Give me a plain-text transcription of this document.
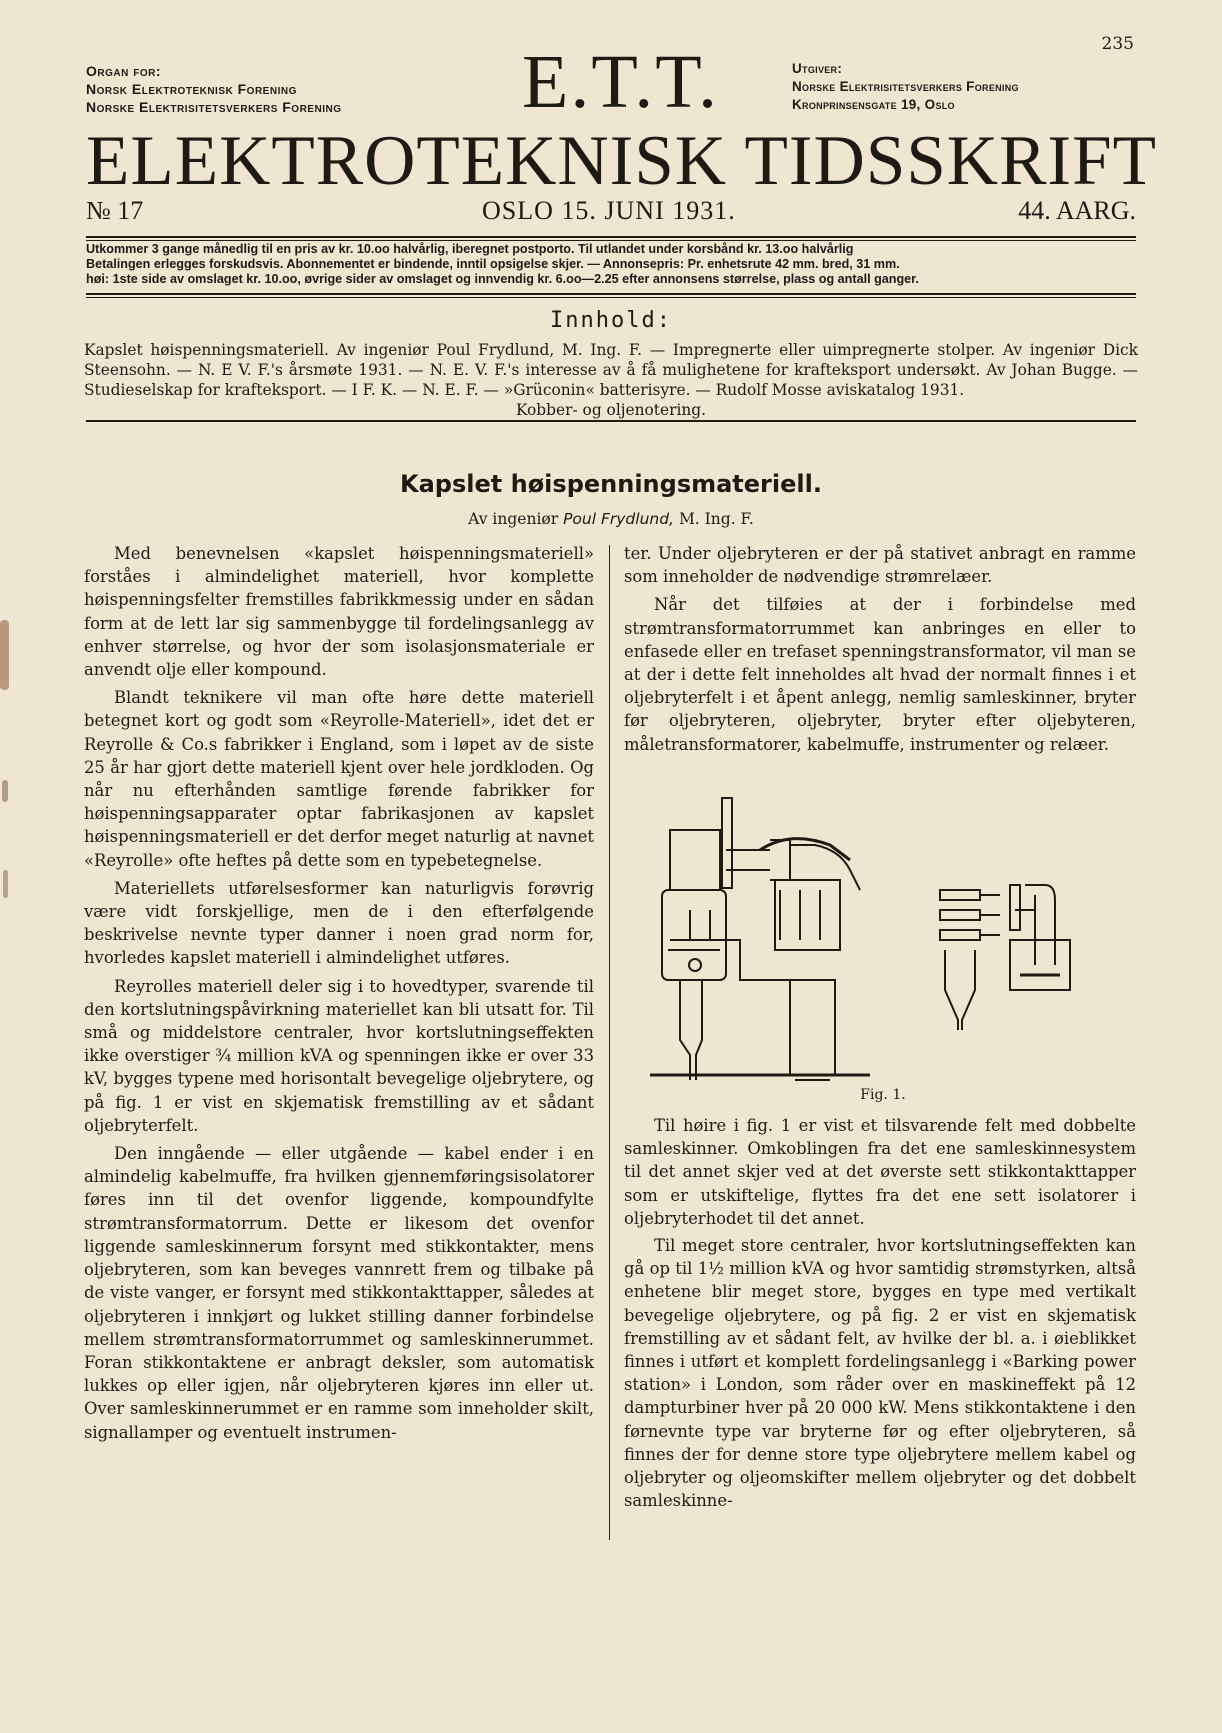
235
Organ for:
Norsk Elektroteknisk Forening
Norske Elektrisitetsverkers Forening E.T.T.	Utgiver:
Norske Elektrisitetsverkers Forening
Kronprinsensgate 19, Oslo
ELEKTROTEKNISK TIDSSKRIFT
№ 17	OSLO 15. JUNI 1931.	44. AARG.
Utkommer 3 gange månedlig til en pris av kr. 10.oo halvårlig, iberegnet postporto. Til utlandet under korsbånd kr. 13.oo halvårlig
Betalingen erlegges forskudsvis. Abonnementet er bindende, inntil opsigelse skjer. — Annonsepris: Pr. enhetsrute 42 mm. bred, 31 mm.
høi: 1ste side av omslaget kr. 10.oo, øvrige sider av omslaget og innvendig kr. 6.oo—2.25 efter annonsens størrelse, plass og antall ganger.
Innhold:
Kapslet høispenningsmateriell. Av ingeniør Poul Frydlund, M. Ing. F. — Impregnerte eller uimpregnerte stolper. Av ingeniør Dick Steensohn. — N. E V. F.'s årsmøte 1931. — N. E. V. F.'s interesse av å få mulighetene for krafteksport undersøkt. Av Johan Bugge. — Studieselskap for krafteksport. — I F. K. — N. E. F. — »Grüconin« batterisyre. — Rudolf Mosse aviskatalog 1931.
Kobber- og oljenotering.
Kapslet høispenningsmateriell.
Av ingeniør Poul Frydlund, M. Ing. F.

Med benevnelsen «kapslet høispenningsmateriell» forståes i almindelighet materiell, hvor komplette høispenningsfelter fremstilles fabrikkmessig under en sådan form at de lett lar sig sammenbygge til fordelingsanlegg av enhver størrelse, og hvor der som isolasjonsmateriale er anvendt olje eller kompound.

Blandt teknikere vil man ofte høre dette materiell betegnet kort og godt som «Reyrolle-Materiell», idet det er Reyrolle & Co.s fabrikker i England, som i løpet av de siste 25 år har gjort dette materiell kjent over hele jordkloden. Og når nu efterhånden samtlige førende fabrikker for høispenningsapparater optar fabrikasjonen av kapslet høispenningsmateriell er det derfor meget naturlig at navnet «Reyrolle» ofte heftes på dette som en typebetegnelse.

Materiellets utførelsesformer kan naturligvis forøvrig være vidt forskjellige, men de i den efterfølgende beskrivelse nevnte typer danner i noen grad norm for, hvorledes kapslet materiell i almindelighet utføres.

Reyrolles materiell deler sig i to hovedtyper, svarende til den kortslutningspåvirkning materiellet kan bli utsatt for. Til små og middelstore centraler, hvor kortslutningseffekten ikke overstiger ¾ million kVA og spenningen ikke er over 33 kV, bygges typene med horisontalt bevegelige oljebrytere, og på fig. 1 er vist en skjematisk fremstilling av et sådant oljebryterfelt.

Den inngående — eller utgående — kabel ender i en almindelig kabelmuffe, fra hvilken gjennemføringsisolatorer føres inn til det ovenfor liggende, kompoundfylte strømtransformatorrum. Dette er likesom det ovenfor liggende samleskinnerum forsynt med stikkontakter, mens oljebryteren, som kan beveges vannrett frem og tilbake på de viste vanger, er forsynt med stikkontakttapper, således at oljebryteren i innkjørt og lukket stilling danner forbindelse mellem strømtransformatorrummet og samleskinnerummet. Foran stikkontaktene er anbragt deksler, som automatisk lukkes op eller igjen, når oljebryteren kjøres inn eller ut. Over samleskinnerummet er en ramme som inneholder skilt, signallamper og eventuelt instrumen-

ter. Under oljebryteren er der på stativet anbragt en ramme som inneholder de nødvendige strømrelæer.

Når det tilføies at der i forbindelse med strømtransformatorrummet kan anbringes en eller to enfasede eller en trefaset spenningstransformator, vil man se at der i dette felt inneholdes alt hvad der normalt finnes i et oljebryterfelt i et åpent anlegg, nemlig samleskinner, bryter før oljebryteren, oljebryter, bryter efter oljebyteren, måletransformatorer, kabelmuffe, instrumenter og relæer.

Fig. 1.

Til høire i fig. 1 er vist et tilsvarende felt med dobbelte samleskinner. Omkoblingen fra det ene samleskinnesystem til det annet skjer ved at det øverste sett stikkontakttapper som er utskiftelige, flyttes fra det ene sett isolatorer i oljebryterhodet til det annet.

Til meget store centraler, hvor kortslutningseffekten kan gå op til 1½ million kVA og hvor samtidig strømstyrken, altså enhetene blir meget store, bygges en type med vertikalt bevegelige oljebrytere, og på fig. 2 er vist en skjematisk fremstilling av et sådant felt, av hvilke der bl. a. i øieblikket finnes i utført et komplett fordelingsanlegg i «Barking power station» i London, som råder over en maskineffekt på 12 dampturbiner hver på 20 000 kW. Mens stikkontaktene i den førnevnte type var bryterne før og efter oljebryteren, så finnes der for denne store type oljebrytere mellem kabel og oljebryter og oljeomskifter mellem oljebryter og det dobbelt samleskinne-
